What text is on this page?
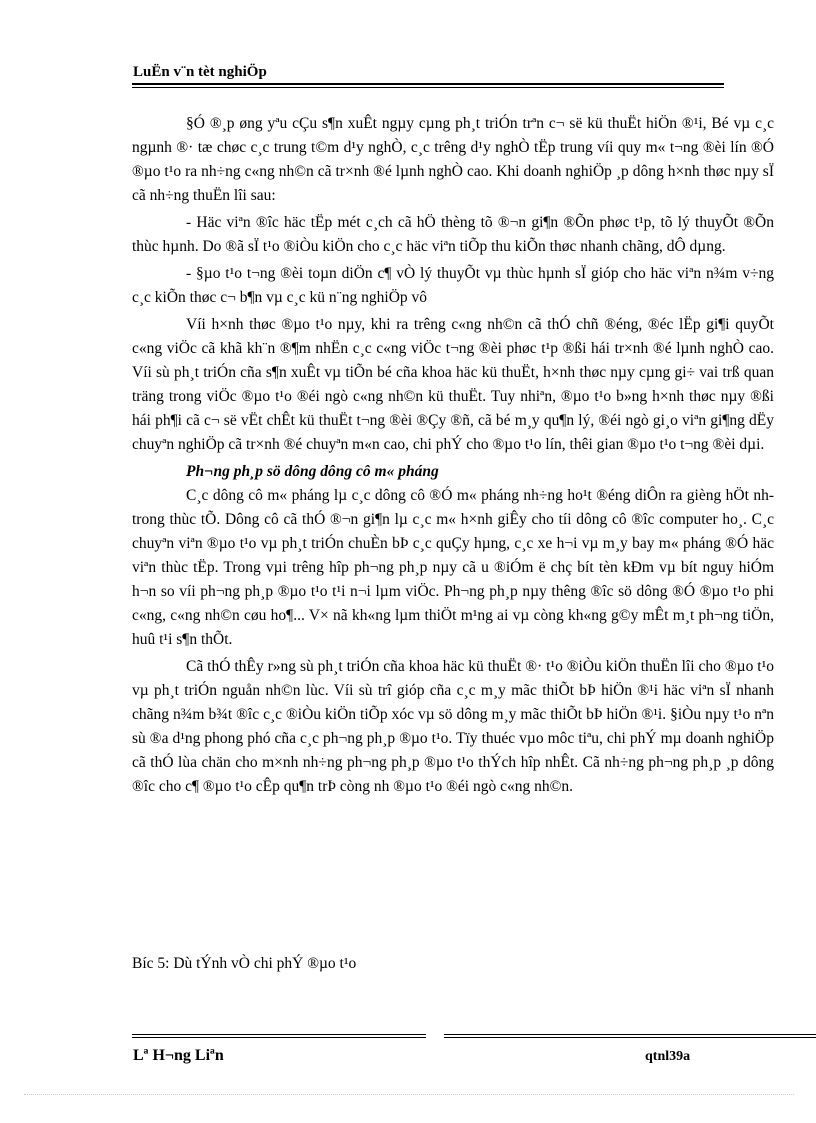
LuËn v¨n tèt nghiÖp

§Ó ®¸p øng yªu cÇu s¶n xuÊt ngµy cµng ph¸t triÓn trªn c¬ së kü thuËt hiÖn ®¹i, Bé vµ c¸c ngµnh ®· tæ chøc c¸c trung t©m d¹y nghÒ, c¸c trêng d¹y nghÒ tËp trung víi quy m« t¬ng ®èi lín ®Ó ®µo t¹o ra nh÷ng c«ng nh©n cã tr×nh ®é lµnh nghÒ cao. Khi doanh nghiÖp ¸p dông h×nh thøc nµy sÏ cã nh÷ng thuËn lîi sau:

- Häc viªn ®îc häc tËp mét c¸ch cã hÖ thèng tõ ®¬n gi¶n ®Õn phøc t¹p, tõ lý thuyÕt ®Õn thùc hµnh. Do ®ã sÏ t¹o ®iÒu kiÖn cho c¸c häc viªn tiÕp thu kiÕn thøc nhanh chãng, dÔ dµng.

- §µo t¹o t¬ng ®èi toµn diÖn c¶ vÒ lý thuyÕt vµ thùc hµnh sÏ gióp cho häc viªn n¾m v÷ng c¸c kiÕn thøc c¬ b¶n vµ c¸c kü n¨ng nghiÖp vô

Víi h×nh thøc ®µo t¹o nµy, khi ra trêng c«ng nh©n cã thÓ chñ ®éng, ®éc lËp gi¶i quyÕt c«ng viÖc cã khã kh¨n ®¶m nhËn c¸c c«ng viÖc t¬ng ®èi phøc t¹p ®ßi hái tr×nh ®é lµnh nghÒ cao. Víi sù ph¸t triÓn cña s¶n xuÊt vµ tiÕn bé cña khoa häc kü thuËt, h×nh thøc nµy cµng gi÷ vai trß quan träng trong viÖc ®µo t¹o ®éi ngò c«ng nh©n kü thuËt. Tuy nhiªn, ®µo t¹o b»ng h×nh thøc nµy ®ßi hái ph¶i cã c¬ së vËt chÊt kü thuËt t¬ng ®èi ®Çy ®ñ, cã bé m¸y qu¶n lý, ®éi ngò gi¸o viªn gi¶ng dËy chuyªn nghiÖp cã tr×nh ®é chuyªn m«n cao, chi phÝ cho ®µo t¹o lín, thêi gian ®µo t¹o t¬ng ®èi dµi.

Ph¬ng ph¸p sö dông dông cô m« pháng

C¸c dông cô m« pháng lµ c¸c dông cô ®Ó m« pháng nh÷ng ho¹t ®éng diÔn ra gièng hÖt nh trong thùc tÕ. Dông cô cã thÓ ®¬n gi¶n lµ c¸c m« h×nh giÊy cho tíi dông cô ®îc computer ho¸. C¸c chuyªn viªn ®µo t¹o vµ ph¸t triÓn chuÈn bÞ c¸c quÇy hµng, c¸c xe h¬i vµ m¸y bay m« pháng ®Ó häc viªn thùc tËp. Trong vµi trêng hîp ph¬ng ph¸p nµy cã u ®iÓm ë chç bít tèn kÐm vµ bít nguy hiÓm h¬n so víi ph¬ng ph¸p ®µo t¹o t¹i n¬i lµm viÖc. Ph¬ng ph¸p nµy thêng ®îc sö dông ®Ó ®µo t¹o phi c«ng, c«ng nh©n cøu ho¶... V× nã kh«ng lµm thiÖt m¹ng ai vµ còng kh«ng g©y mÊt m¸t ph¬ng tiÖn, huû t¹i s¶n thÕt.

Cã thÓ thÊy r»ng sù ph¸t triÓn cña khoa häc kü thuËt ®· t¹o ®iÒu kiÖn thuËn lîi cho ®µo t¹o vµ ph¸t triÓn nguån nh©n lùc. Víi sù trî gióp cña c¸c m¸y mãc thiÕt bÞ hiÖn ®¹i häc viªn sÏ nhanh chãng n¾m b¾t ®îc c¸c ®iÒu kiÖn tiÕp xóc vµ sö dông m¸y mãc thiÕt bÞ hiÖn ®¹i. §iÒu nµy t¹o nªn sù ®a d¹ng phong phó cña c¸c ph¬ng ph¸p ®µo t¹o. Tïy thuéc vµo môc tiªu, chi phÝ mµ doanh nghiÖp cã thÓ lùa chän cho m×nh nh÷ng ph¬ng ph¸p ®µo t¹o thÝch hîp nhÊt. Cã nh÷ng ph¬ng ph¸p ¸p dông ®îc cho c¶ ®µo t¹o cÊp qu¶n trÞ còng nh ®µo t¹o ®éi ngò c«ng nh©n.

Bíc 5: Dù tÝnh vÒ chi phÝ ®µo t¹o
Lª H¬ng Liªn	qtnl39a
